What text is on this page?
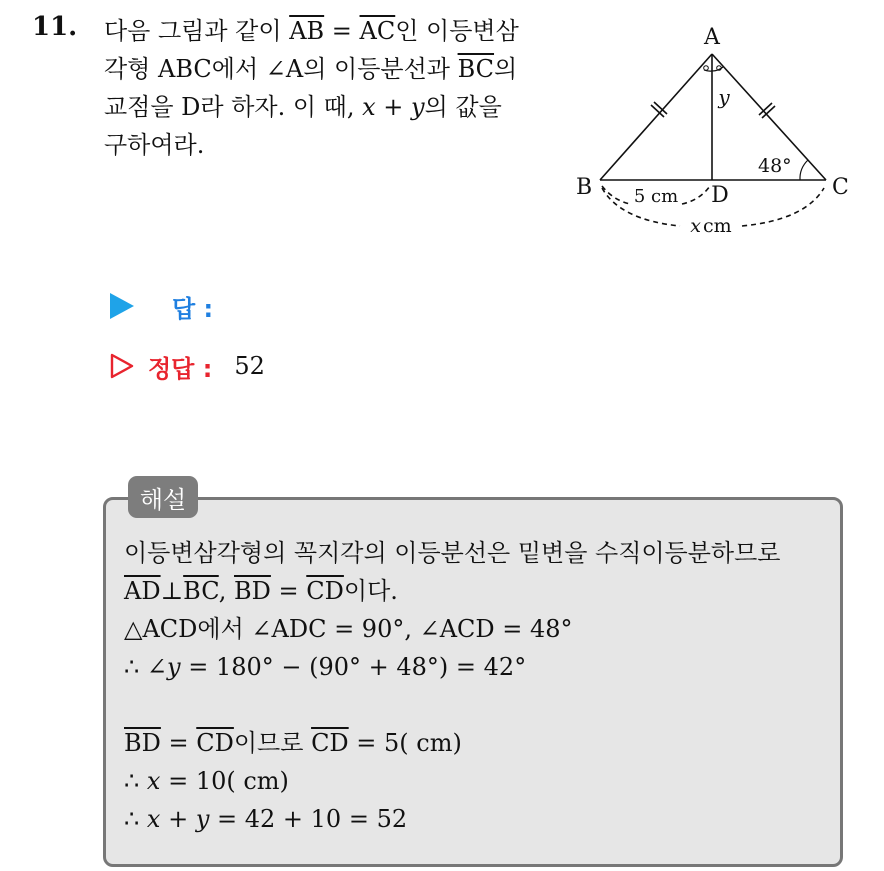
11. 다음 그림과 같이 $\overline{AB} = \overline{AC}$인 이등변삼
각형 ABC에서 ∠A의 이등분선과 $\overline{BC}$의
교점을 D라 하자. 이 때, x + y의 값을
구하여라.
A
B	C
D
y
48°
5 cm
x cm
답 :
정답 : 52
해설
이등변삼각형의 꼭지각의 이등분선은 밑변을 수직이등분하므로
$\overline{AD}\perp\overline{BC}$, $\overline{BD} = \overline{CD}$이다.
△ACD에서 ∠ADC = 90°, ∠ACD = 48°
∴ ∠y = 180° − (90° + 48°) = 42°
$\overline{BD} = \overline{CD}$이므로 $\overline{CD} = 5$( cm)
∴ x = 10( cm)
∴ x + y = 42 + 10 = 52
